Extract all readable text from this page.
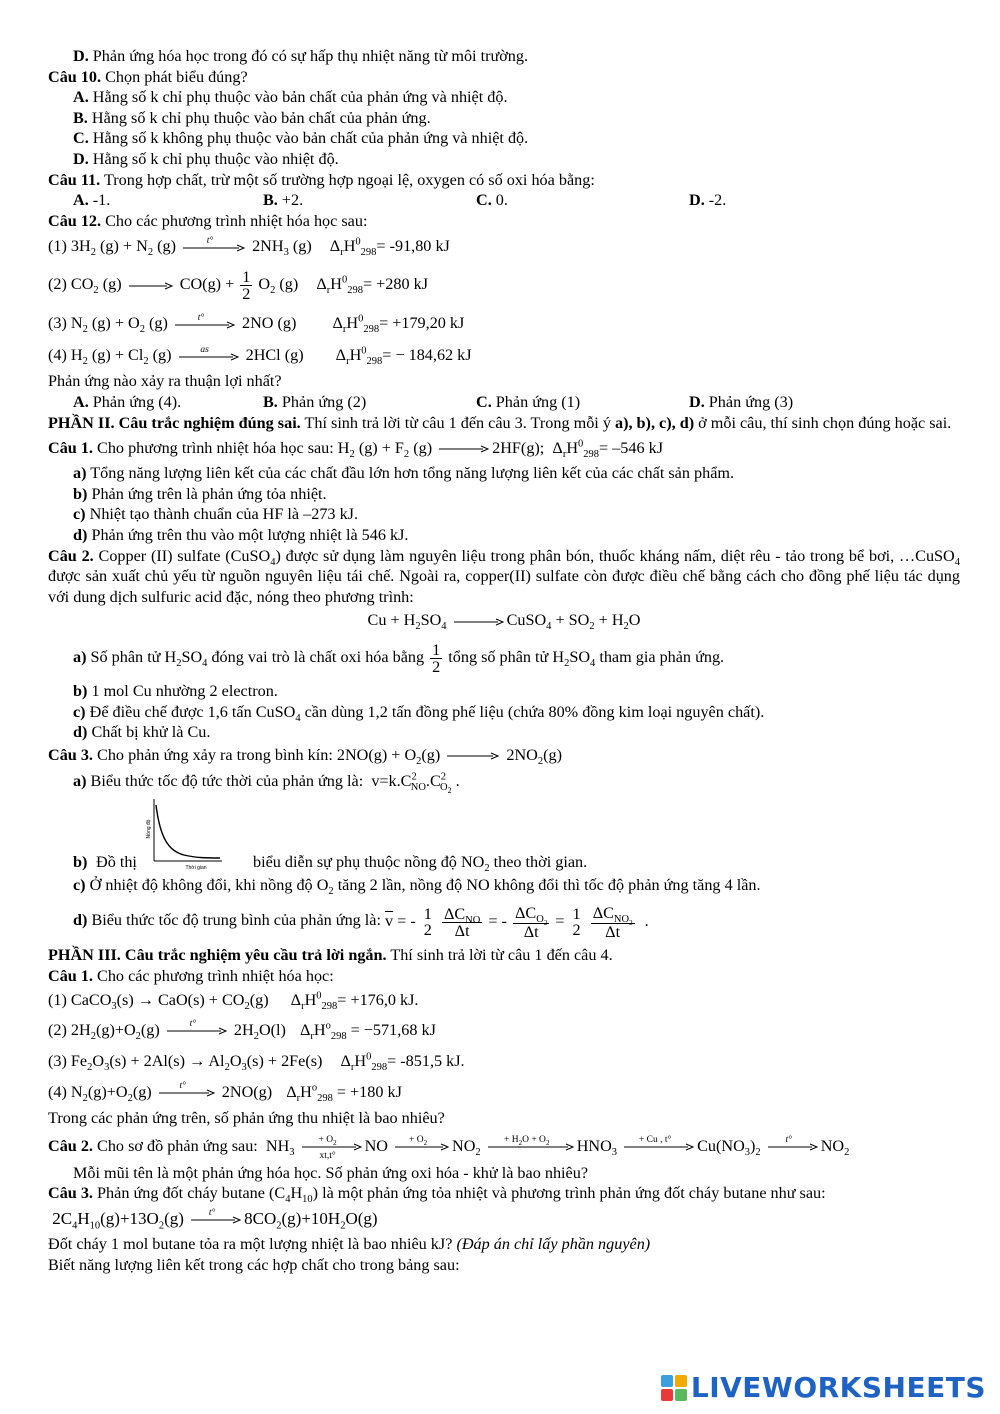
D. Phản ứng hóa học trong đó có sự hấp thụ nhiệt năng từ môi trường.
Câu 10. Chọn phát biểu đúng?
A. Hằng số k chỉ phụ thuộc vào bản chất của phản ứng và nhiệt độ.
B. Hằng số k chỉ phụ thuộc vào bản chất của phản ứng.
C. Hằng số k không phụ thuộc vào bản chất của phản ứng và nhiệt độ.
D. Hằng số k chỉ phụ thuộc vào nhiệt độ.
Câu 11. Trong hợp chất, trừ một số trường hợp ngoại lệ, oxygen có số oxi hóa bằng:
A. -1.	B. +2.	C. 0.	D. -2.
Câu 12. Cho các phương trình nhiệt hóa học sau:
(1) $3H_2$ $(g) + N_2$ (g)	t°	$2NH_3$ (g) $\Delta_rH^0_{298}= -91,80$ kJ
(2) $CO_2$ (g)	$CO(g) + \frac{1}{2} O_2$ (g) $\Delta_rH^0_{298}= +280$ kJ
(3) $N_2$ $(g) + O_2$ (g)	t°	2NO (g) $\Delta_rH^0_{298}= +179,20$ kJ
(4) $H_2$ $(g) + Cl_2$ (g)	as	2HCl (g) $\Delta_rH^0_{298}= - 184,62$ kJ
Phản ứng nào xảy ra thuận lợi nhất?
A. Phản ứng (4).	B. Phản ứng (2)	C. Phản ứng (1)	D. Phản ứng (3)
PHẦN II. Câu trắc nghiệm đúng sai. Thí sinh trả lời từ câu 1 đến câu 3. Trong mỗi ý a), b), c), d) ở mỗi câu, thí sinh chọn đúng hoặc sai.
Câu 1. Cho phương trình nhiệt hóa học sau: $H_2$ $(g) + F_2$ (g)	2HF(g);  $\Delta_rH^0_{298}= -546$ kJ
a) Tổng năng lượng liên kết của các chất đầu lớn hơn tổng năng lượng liên kết của các chất sản phẩm.
b) Phản ứng trên là phản ứng tỏa nhiệt.
c) Nhiệt tạo thành chuẩn của HF là –273 kJ.
d) Phản ứng trên thu vào một lượng nhiệt là 546 kJ.
Câu 2. Copper (II) sulfate (CuSO$_4$) được sử dụng làm nguyên liệu trong phân bón, thuốc kháng nấm, diệt rêu - tảo trong bể bơi, …CuSO$_4$ được sản xuất chủ yếu từ nguồn nguyên liệu tái chế. Ngoài ra, copper(II) sulfate còn được điều chế bằng cách cho đồng phế liệu tác dụng với dung dịch sulfuric acid đặc, nóng theo phương trình:
$Cu + H_2SO_4$	CuSO$_4$ + $SO_2 + H_2O$
a) Số phân tử $H_2SO_4$ đóng vai trò là chất oxi hóa bằng $\frac{1}{2}$ tổng số phân tử $H_2SO_4$ tham gia phản ứng.
b) 1 mol Cu nhường 2 electron.
c) Để điều chế được 1,6 tấn CuSO$_4$ cần dùng 1,2 tấn đồng phế liệu (chứa 80% đồng kim loại nguyên chất).
d) Chất bị khử là Cu.
Câu 3. Cho phản ứng xảy ra trong bình kín: $2NO(g) + O_2(g)$	$2NO_2(g)$
a) Biểu thức tốc độ tức thời của phản ứng là: $v=k.C^2_{NO}.C^2_{O_2}$ .
b) Đồ thị
Nồng độ
Thời gian	biểu diễn sự phụ thuộc nồng độ $NO_2$ theo thời gian.
c) Ở nhiệt độ không đổi, khi nồng độ $O_2$ tăng 2 lần, nồng độ NO không đổi thì tốc độ phản ứng tăng 4 lần.
d) Biểu thức tốc độ trung bình của phản ứng là: $\overline{v}$ = - 1
2
$\frac{\Delta C_{NO}}{\Delta t}$ = - $\frac{\Delta C_{O_2}}{\Delta t} = 1$
2
$\frac{\Delta C_{NO_2}}{\Delta t}$ .
PHẦN III. Câu trắc nghiệm yêu cầu trả lời ngắn. Thí sinh trả lời từ câu 1 đến câu 4.
Câu 1. Cho các phương trình nhiệt hóa học:
(1) CaCO$_3$(s) → $CaO(s) + CO_2(g)$ $\Delta_rH^0_{298}= +176,0$ kJ.
(2) $2H_2(g)+O_2(g)$	t°	$2H_2O(l) \Delta_rH^o_{298} = -571,68$ kJ
(3) $Fe_2O_3(s) + 2Al(s) \to Al_2O_3(s) + 2Fe(s)$ $\Delta_rH^0_{298}= -851,5$ kJ.
(4) $N_2(g)+O_2(g)$	t°	2NO(g) $\Delta_rH^o_{298} = +180$ kJ
Trong các phản ứng trên, số phản ứng thu nhiệt là bao nhiêu?
Câu 2. Cho sơ đồ phản ứng sau: $NH_3$
+ $O_2$
xt,t°
NO	+ $O_2$	$NO_2$
+ $H_2O + O_2$	$HNO_3$
+ Cu , t°	$Cu(NO_3)_2$
t°	$NO_2$
Mỗi mũi tên là một phản ứng hóa học. Số phản ứng oxi hóa - khử là bao nhiêu?
Câu 3. Phản ứng đốt cháy butane $(C_4H_{10})$ là một phản ứng tỏa nhiệt và phương trình phản ứng đốt cháy butane như sau:
$2C_4H_{10}(g)+13O_2(g)$	t°	$8CO_2(g)+10H_2O(g)$
Đốt cháy 1 mol butane tỏa ra một lượng nhiệt là bao nhiêu kJ? (Đáp án chỉ lấy phần nguyên)
Biết năng lượng liên kết trong các hợp chất cho trong bảng sau:
LIVEWORKSHEETS
